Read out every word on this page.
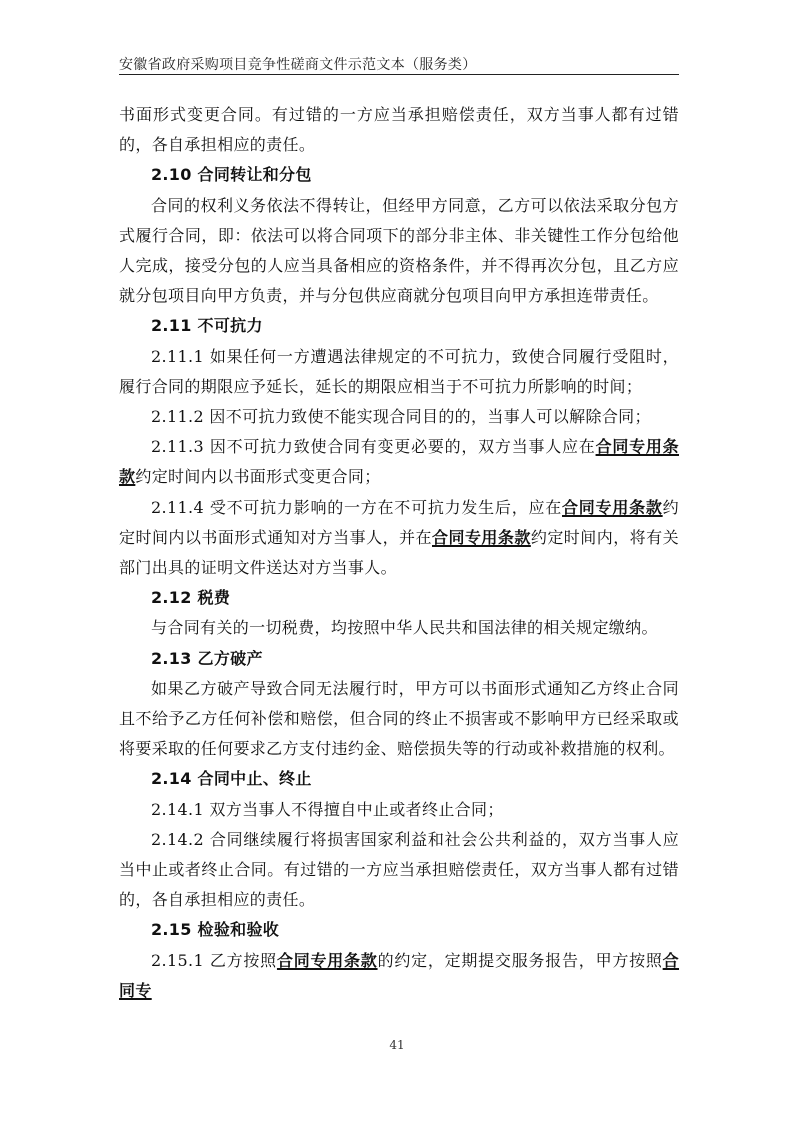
安徽省政府采购项目竞争性磋商文件示范文本（服务类）

书面形式变更合同。有过错的一方应当承担赔偿责任，双方当事人都有过错的，各自承担相应的责任。

2.10 合同转让和分包

合同的权利义务依法不得转让，但经甲方同意，乙方可以依法采取分包方式履行合同，即：依法可以将合同项下的部分非主体、非关键性工作分包给他人完成，接受分包的人应当具备相应的资格条件，并不得再次分包，且乙方应就分包项目向甲方负责，并与分包供应商就分包项目向甲方承担连带责任。

2.11 不可抗力

2.11.1 如果任何一方遭遇法律规定的不可抗力，致使合同履行受阻时，履行合同的期限应予延长，延长的期限应相当于不可抗力所影响的时间；

2.11.2 因不可抗力致使不能实现合同目的的，当事人可以解除合同；

2.11.3 因不可抗力致使合同有变更必要的，双方当事人应在合同专用条款约定时间内以书面形式变更合同；

2.11.4 受不可抗力影响的一方在不可抗力发生后，应在合同专用条款约定时间内以书面形式通知对方当事人，并在合同专用条款约定时间内，将有关部门出具的证明文件送达对方当事人。

2.12 税费

与合同有关的一切税费，均按照中华人民共和国法律的相关规定缴纳。

2.13 乙方破产

如果乙方破产导致合同无法履行时，甲方可以书面形式通知乙方终止合同且不给予乙方任何补偿和赔偿，但合同的终止不损害或不影响甲方已经采取或将要采取的任何要求乙方支付违约金、赔偿损失等的行动或补救措施的权利。

2.14 合同中止、终止

2.14.1 双方当事人不得擅自中止或者终止合同；

2.14.2 合同继续履行将损害国家利益和社会公共利益的，双方当事人应当中止或者终止合同。有过错的一方应当承担赔偿责任，双方当事人都有过错的，各自承担相应的责任。

2.15 检验和验收

2.15.1 乙方按照合同专用条款的约定，定期提交服务报告，甲方按照合同专

41
